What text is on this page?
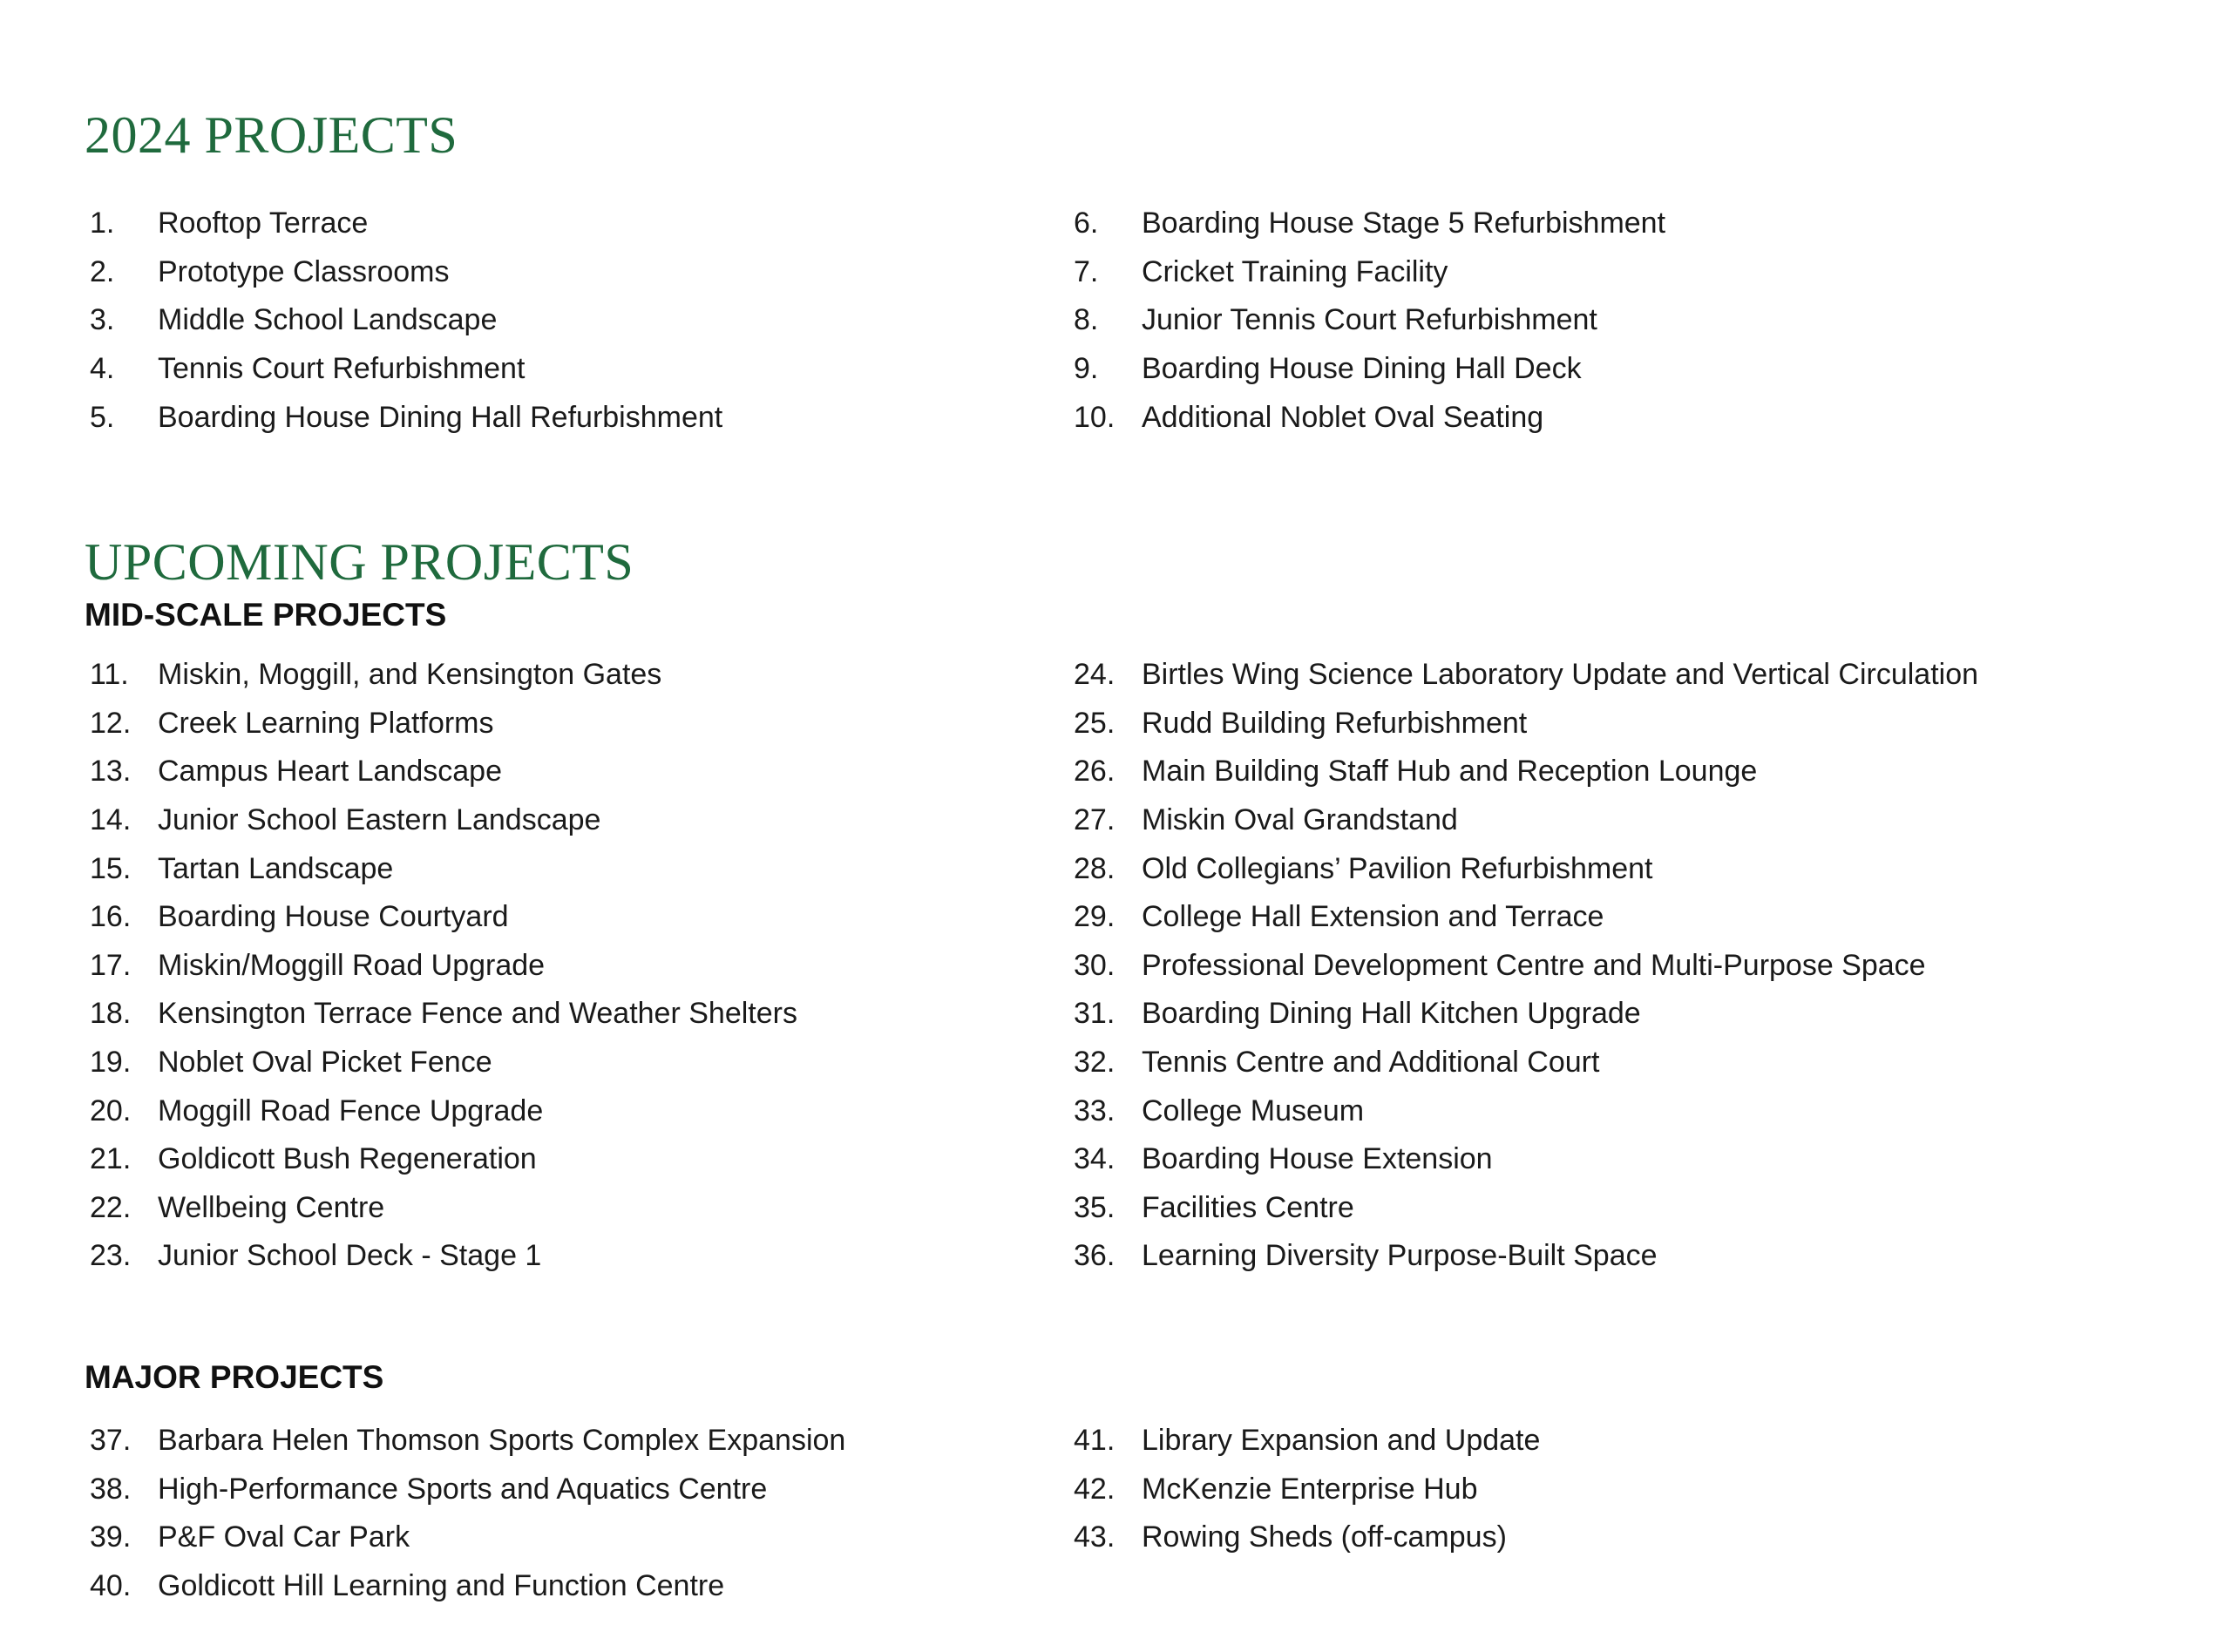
2024 PROJECTS
1.	Rooftop Terrace
2.	Prototype Classrooms
3.	Middle School Landscape
4.	Tennis Court Refurbishment
5.	Boarding House Dining Hall Refurbishment
6.	Boarding House Stage 5 Refurbishment
7.	Cricket Training Facility
8.	Junior Tennis Court Refurbishment
9.	Boarding House Dining Hall Deck
10. Additional Noblet Oval Seating
UPCOMING PROJECTS
MID-SCALE PROJECTS
11. Miskin, Moggill, and Kensington Gates
12. Creek Learning Platforms
13. Campus Heart Landscape
14. Junior School Eastern Landscape
15. Tartan Landscape
16. Boarding House Courtyard
17. Miskin/Moggill Road Upgrade
18. Kensington Terrace Fence and Weather Shelters
19. Noblet Oval Picket Fence
20. Moggill Road Fence Upgrade
21. Goldicott Bush Regeneration
22. Wellbeing Centre
23. Junior School Deck - Stage 1
24. Birtles Wing Science Laboratory Update and Vertical Circulation
25. Rudd Building Refurbishment
26. Main Building Staff Hub and Reception Lounge
27. Miskin Oval Grandstand
28. Old Collegians’ Pavilion Refurbishment
29. College Hall Extension and Terrace
30. Professional Development Centre and Multi-Purpose Space
31. Boarding Dining Hall Kitchen Upgrade
32. Tennis Centre and Additional Court
33. College Museum
34. Boarding House Extension
35. Facilities Centre
36. Learning Diversity Purpose-Built Space
MAJOR PROJECTS
37. Barbara Helen Thomson Sports Complex Expansion
38. High-Performance Sports and Aquatics Centre
39. P&F Oval Car Park
40. Goldicott Hill Learning and Function Centre
41. Library Expansion and Update
42. McKenzie Enterprise Hub
43. Rowing Sheds (off-campus)
